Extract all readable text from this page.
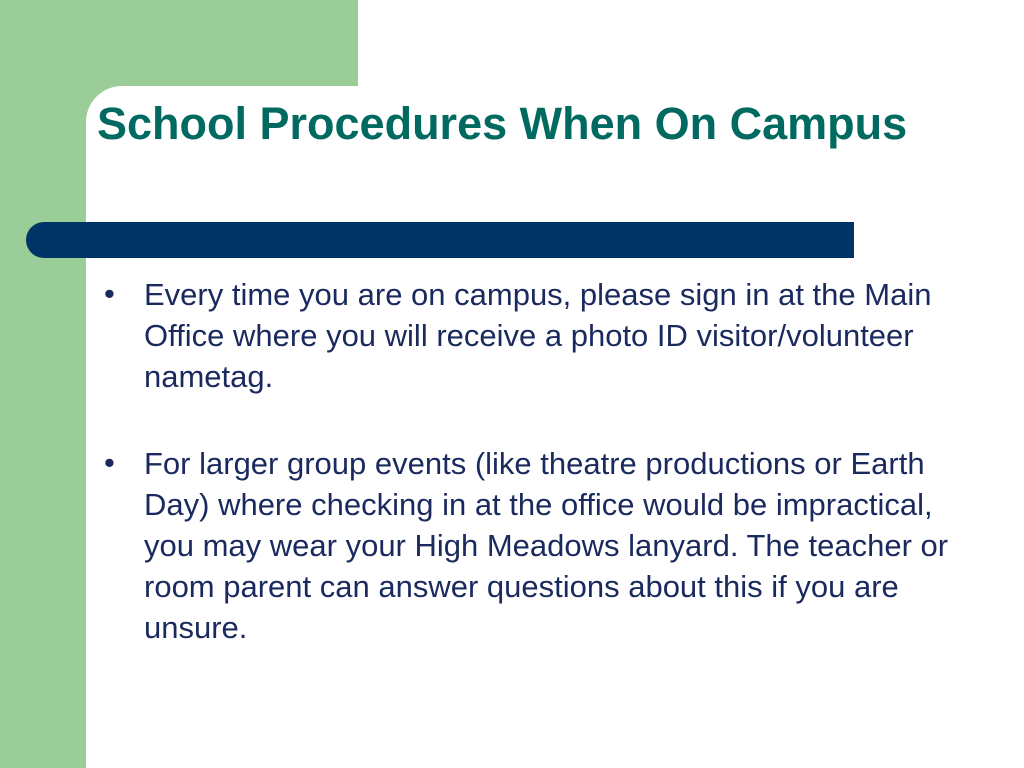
School Procedures When On Campus
• Every time you are on campus, please sign in at the Main Office where you will receive a photo ID visitor/volunteer nametag.
• For larger group events (like theatre productions or Earth Day) where checking in at the office would be impractical, you may wear your High Meadows lanyard. The teacher or room parent can answer questions about this if you are unsure.
